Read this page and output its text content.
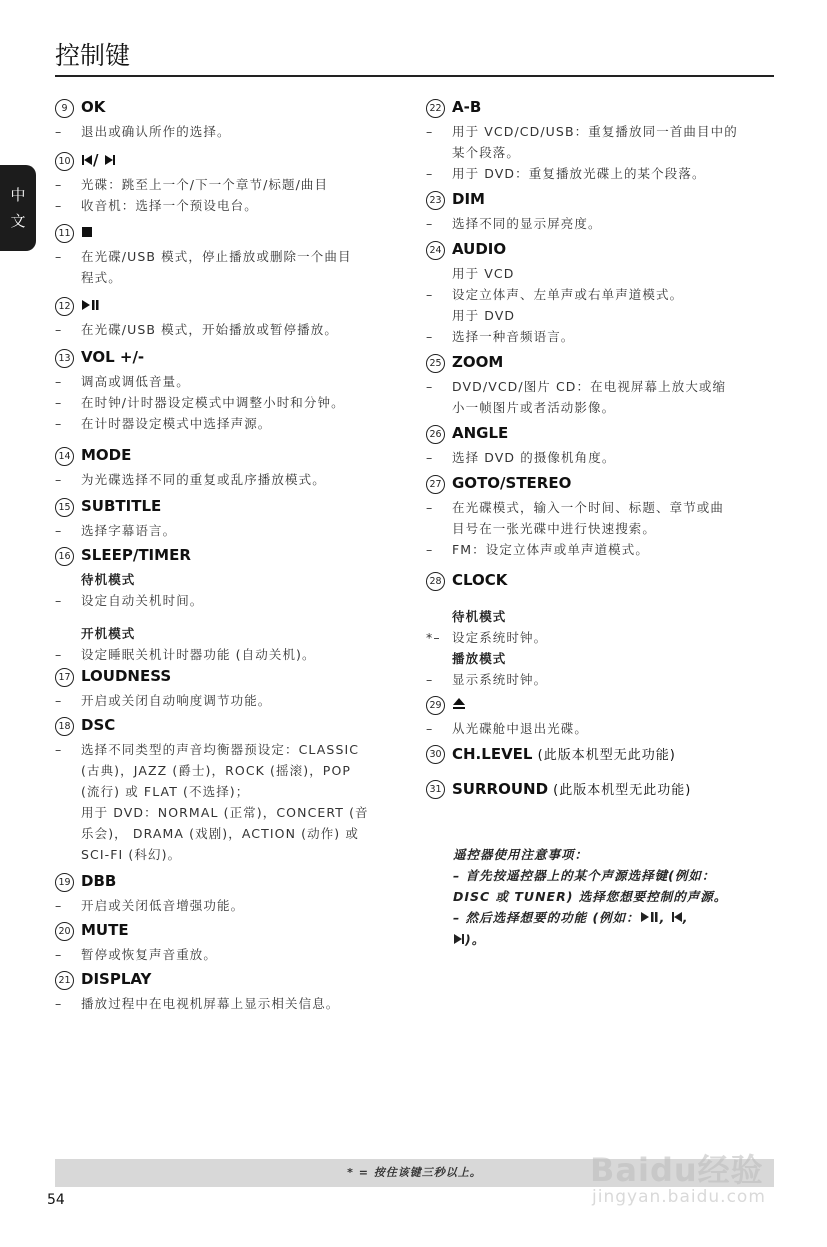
控制键
中
文
9 OK
–	退出或确认所作的选择。
10	/
–	光碟：跳至上一个/下一个章节/标题/曲目
–	收音机：选择一个预设电台。
11
–	在光碟/USB 模式，停止播放或删除一个曲目
程式。
12
–	在光碟/USB 模式，开始播放或暂停播放。
13 VOL +/-
–	调高或调低音量。
–	在时钟/计时器设定模式中调整小时和分钟。
–	在计时器设定模式中选择声源。
14 MODE
–	为光碟选择不同的重复或乱序播放模式。
15 SUBTITLE
–	选择字幕语言。
16 SLEEP/TIMER
待机模式
–	设定自动关机时间。
开机模式
–	设定睡眠关机计时器功能 (自动关机)。
17 LOUDNESS
–	开启或关闭自动响度调节功能。
18 DSC
–	选择不同类型的声音均衡器预设定：CLASSIC
(古典)，JAZZ (爵士)，ROCK (摇滚)，POP
(流行) 或 FLAT (不选择)；
用于 DVD：NORMAL (正常)，CONCERT (音
乐会)， DRAMA (戏剧)，ACTION (动作) 或
SCI-FI (科幻)。
19 DBB
–	开启或关闭低音增强功能。
20 MUTE
–	暂停或恢复声音重放。
21 DISPLAY
–	播放过程中在电视机屏幕上显示相关信息。
22 A-B
–	用于 VCD/CD/USB：重复播放同一首曲目中的
某个段落。
–	用于 DVD：重复播放光碟上的某个段落。
23 DIM
–	选择不同的显示屏亮度。
24 AUDIO
用于 VCD
–	设定立体声、左单声或右单声道模式。
用于 DVD
–	选择一种音频语言。
25 ZOOM
–	DVD/VCD/图片 CD：在电视屏幕上放大或缩
小一帧图片或者活动影像。
26 ANGLE
–	选择 DVD 的摄像机角度。
27 GOTO/STEREO
–	在光碟模式，输入一个时间、标题、章节或曲
目号在一张光碟中进行快速搜索。
–	FM：设定立体声或单声道模式。
28 CLOCK
待机模式
*– 设定系统时钟。
播放模式
–	显示系统时钟。
29
–	从光碟舱中退出光碟。
30 CH.LEVEL (此版本机型无此功能)
31 SURROUND (此版本机型无此功能)
遥控器使用注意事项：
– 首先按遥控器上的某个声源选择键(例如：
DISC 或 TUNER) 选择您想要控制的声源。
– 然后选择想要的功能 (例如： , ,
)。
* = 按住该键三秒以上。
54
Baidu经验
jingyan.baidu.com
